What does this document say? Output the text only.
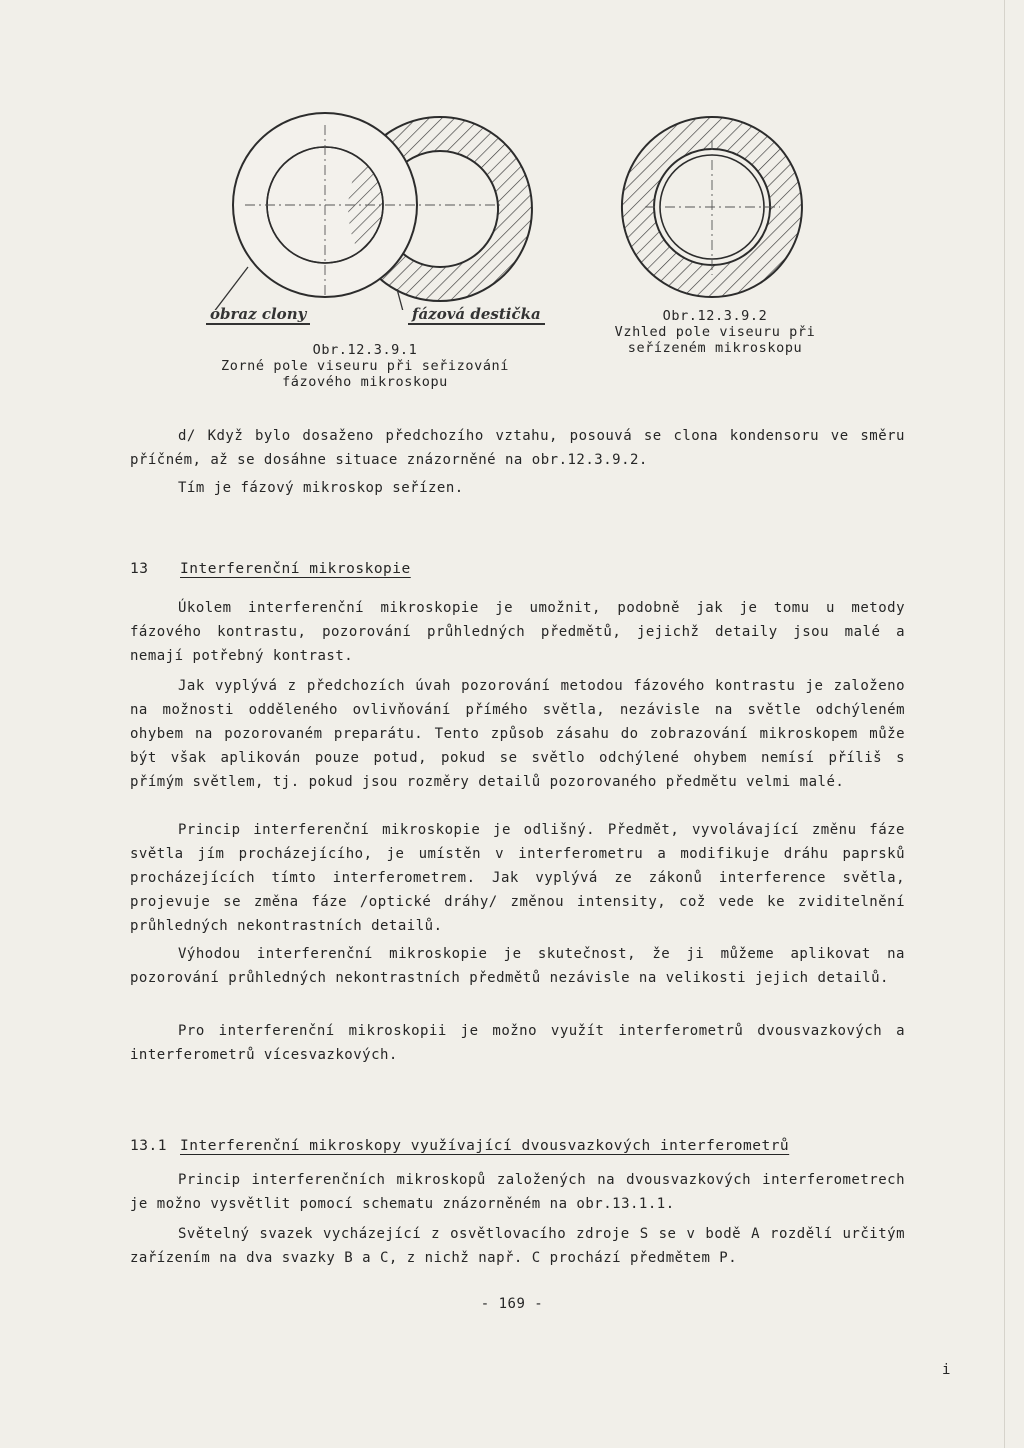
obraz clony	fázová destička
Obr.12.3.9.1
Zorné pole viseuru při seřizování
fázového mikroskopu
Obr.12.3.9.2
Vzhled pole viseuru při
seřízeném mikroskopu
d/ Když bylo dosaženo předchozího vztahu, posouvá se clona kondensoru ve směru příčném, až se dosáhne situace znázorněné na obr.12.3.9.2.
Tím je fázový mikroskop seřízen.
13 Interferenční mikroskopie
Úkolem interferenční mikroskopie je umožnit, podobně jak je tomu u metody fázového kontrastu, pozorování průhledných předmětů, jejichž detaily jsou malé a nemají potřebný kontrast.
Jak vyplývá z předchozích úvah pozorování metodou fázového kontrastu je založeno na možnosti odděleného ovlivňování přímého světla, nezávisle na světle odchýleném ohybem na pozorovaném preparátu. Tento způsob zásahu do zobrazování mikroskopem může být však aplikován pouze potud, pokud se světlo odchýlené ohybem nemísí příliš s přímým světlem, tj. pokud jsou rozměry detailů pozorovaného předmětu velmi malé.
Princip interferenční mikroskopie je odlišný. Předmět, vyvolávající změnu fáze světla jím procházejícího, je umístěn v interferometru a modifikuje dráhu paprsků procházejících tímto interferometrem. Jak vyplývá ze zákonů interference světla, projevuje se změna fáze /optické dráhy/ změnou intensity, což vede ke zviditelnění průhledných nekontrastních detailů.
Výhodou interferenční mikroskopie je skutečnost, že ji můžeme aplikovat na pozorování průhledných nekontrastních předmětů nezávisle na velikosti jejich detailů.
Pro interferenční mikroskopii je možno využít interferometrů dvousvazkových a interferometrů vícesvazkových.
13.1 Interferenční mikroskopy využívající dvousvazkových interferometrů
Princip interferenčních mikroskopů založených na dvousvazkových interferometrech je možno vysvětlit pomocí schematu znázorněném na obr.13.1.1.
Světelný svazek vycházející z osvětlovacího zdroje S se v bodě A rozdělí určitým zařízením na dva svazky B a C, z nichž např. C prochází předmětem P.
- 169 -
i
